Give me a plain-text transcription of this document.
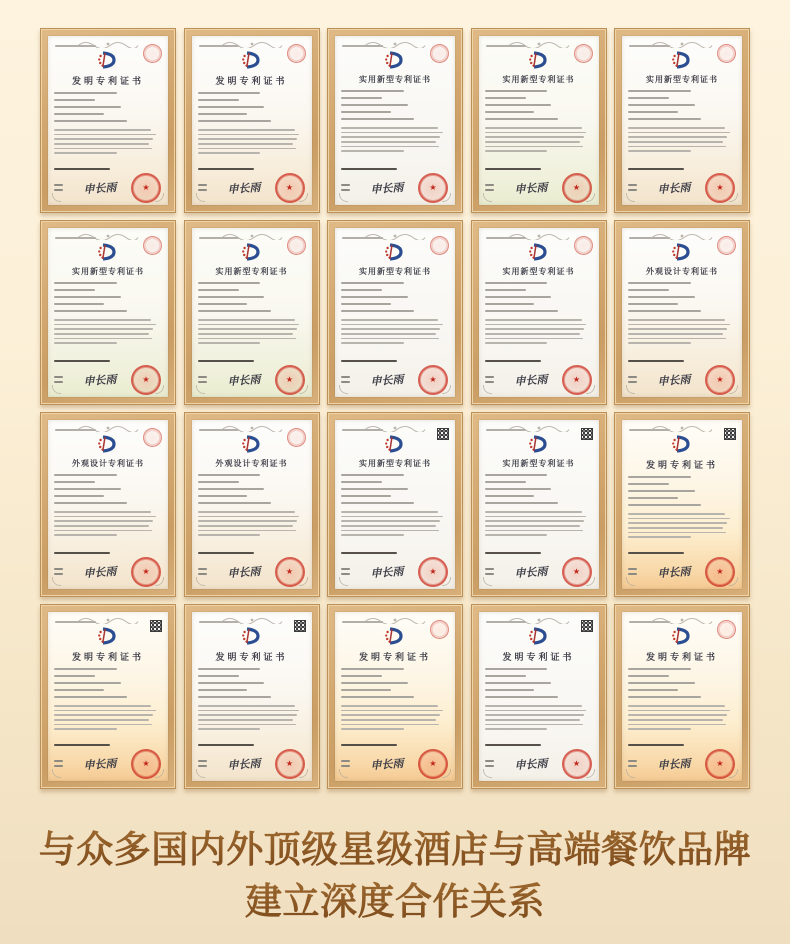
发明专利证书
申长雨	★
发明专利证书
申长雨	★
实用新型专利证书
申长雨	★
实用新型专利证书
申长雨	★
实用新型专利证书
申长雨	★
实用新型专利证书
申长雨	★
实用新型专利证书
申长雨	★
实用新型专利证书
申长雨	★
实用新型专利证书
申长雨	★
外观设计专利证书
申长雨	★
外观设计专利证书
申长雨	★
外观设计专利证书
申长雨	★
实用新型专利证书
申长雨	★
实用新型专利证书
申长雨	★
发明专利证书
申长雨	★
发明专利证书
申长雨	★
发明专利证书
申长雨	★
发明专利证书
申长雨	★
发明专利证书
申长雨	★
发明专利证书
申长雨	★
与众多国内外顶级星级酒店与高端餐饮品牌
建立深度合作关系
